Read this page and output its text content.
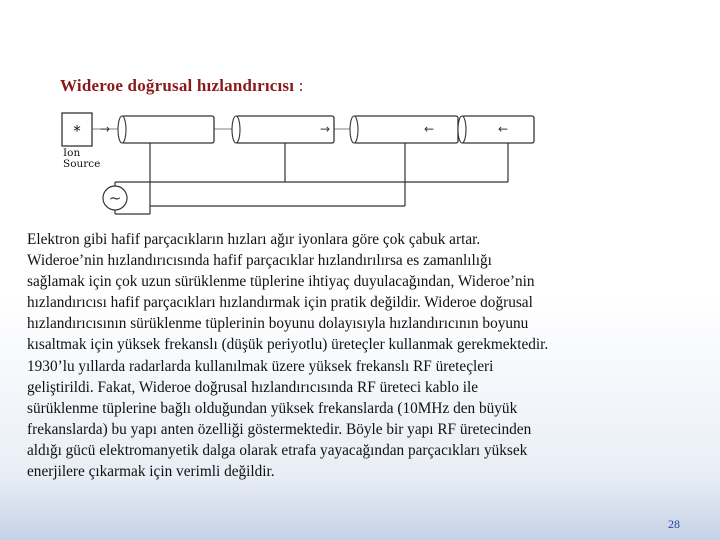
Wideroe doğrusal hızlandırıcısı :
*
Ion
Source
→	→	←	←
~

Elektron gibi hafif parçacıkların hızları ağır iyonlara göre çok çabuk artar.
Wideroe’nin hızlandırıcısında hafif parçacıklar hızlandırılırsa es zamanlılığı
sağlamak için çok uzun sürüklenme tüplerine ihtiyaç duyulacağından, Wideroe’nin
hızlandırıcısı hafif parçacıkları hızlandırmak için pratik değildir. Wideroe doğrusal
hızlandırıcısının sürüklenme tüplerinin boyunu dolayısıyla hızlandırıcının boyunu
kısaltmak için yüksek frekanslı (düşük periyotlu) üreteçler kullanmak gerekmektedir.
1930’lu yıllarda radarlarda kullanılmak üzere yüksek frekanslı RF üreteçleri
geliştirildi. Fakat, Wideroe doğrusal hızlandırıcısında RF üreteci kablo ile
sürüklenme tüplerine bağlı olduğundan yüksek frekanslarda (10MHz den büyük
frekanslarda) bu yapı anten özelliği göstermektedir. Böyle bir yapı RF üretecinden
aldığı gücü elektromanyetik dalga olarak etrafa yayacağından parçacıkları yüksek
enerjilere çıkarmak için verimli değildir.

28
